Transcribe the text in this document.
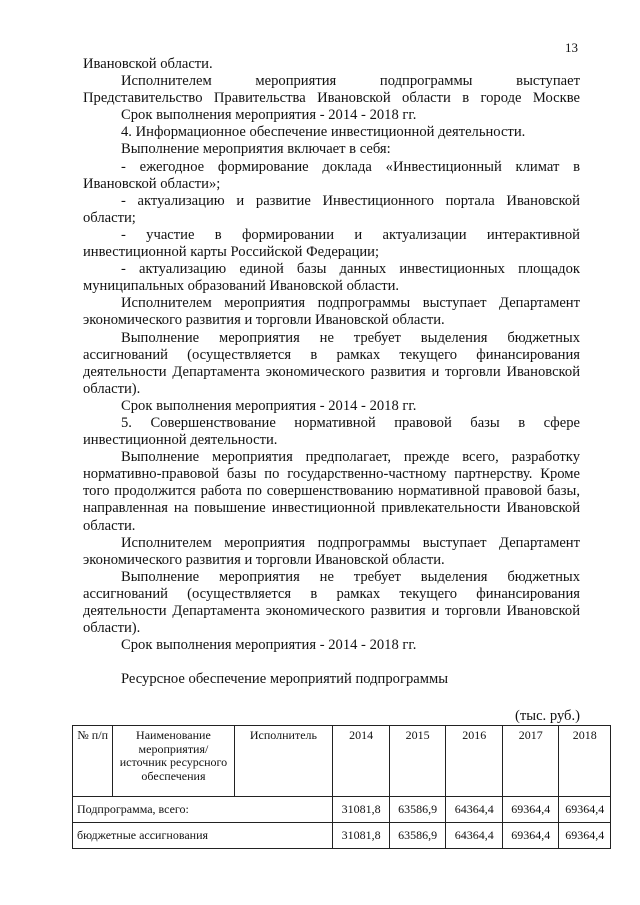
13

Ивановской области.

Исполнителем мероприятия подпрограммы выступает Представительство Правительства Ивановской области в городе Москве

Срок выполнения мероприятия - 2014 - 2018 гг.

4. Информационное обеспечение инвестиционной деятельности.

Выполнение мероприятия включает в себя:

- ежегодное формирование доклада «Инвестиционный климат в Ивановской области»;

- актуализацию и развитие Инвестиционного портала Ивановской области;

- участие в формировании и актуализации интерактивной инвестиционной карты Российской Федерации;

- актуализацию единой базы данных инвестиционных площадок муниципальных образований Ивановской области.

Исполнителем мероприятия подпрограммы выступает Департамент экономического развития и торговли Ивановской области.

Выполнение мероприятия не требует выделения бюджетных ассигнований (осуществляется в рамках текущего финансирования деятельности Департамента экономического развития и торговли Ивановской области).

Срок выполнения мероприятия - 2014 - 2018 гг.

5. Совершенствование нормативной правовой базы в сфере инвестиционной деятельности.

Выполнение мероприятия предполагает, прежде всего, разработку нормативно-правовой базы по государственно-частному партнерству. Кроме того продолжится работа по совершенствованию нормативной правовой базы, направленная на повышение инвестиционной привлекательности Ивановской области.

Исполнителем мероприятия подпрограммы выступает Департамент экономического развития и торговли Ивановской области.

Выполнение мероприятия не требует выделения бюджетных ассигнований (осуществляется в рамках текущего финансирования деятельности Департамента экономического развития и торговли Ивановской области).

Срок выполнения мероприятия - 2014 - 2018 гг.

Ресурсное обеспечение мероприятий подпрограммы

(тыс. руб.)
№ п/п	Наименование мероприятия/ источник ресурсного обеспечения	Исполнитель	2014	2015	2016	2017	2018
Подпрограмма, всего:			31081,8	63586,9	64364,4	69364,4	69364,4
бюджетные ассигнования			31081,8	63586,9	64364,4	69364,4	69364,4
